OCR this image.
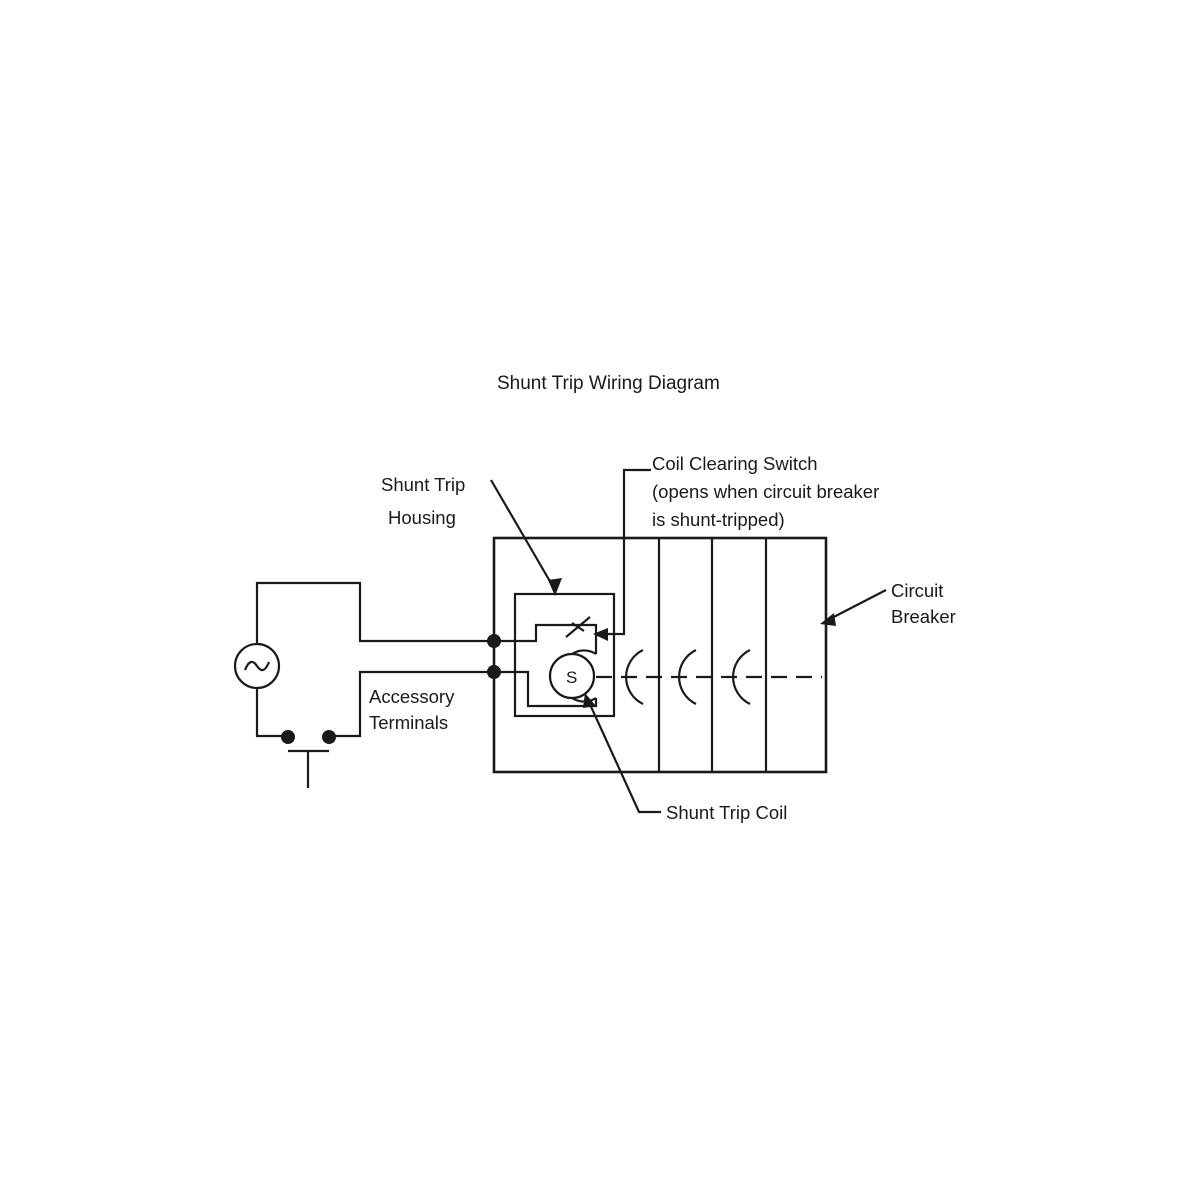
Shunt Trip Wiring Diagram
S
Shunt Trip
Housing
Coil Clearing Switch
(opens when circuit breaker
is shunt-tripped)
Circuit
Breaker
Accessory
Terminals
Shunt Trip Coil
